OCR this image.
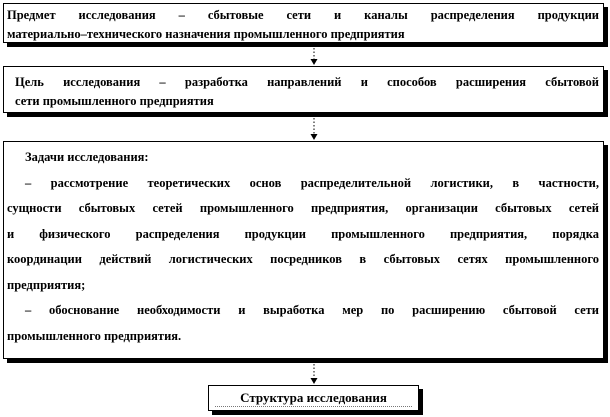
Предмет исследования – сбытовые сети и каналы распределения продукции
материально–технического назначения промышленного предприятия
Цель исследования – разработка направлений и способов расширения сбытовой
сети промышленного предприятия
Задачи исследования:
– рассмотрение теоретических основ распределительной логистики, в частности,
сущности сбытовых сетей промышленного предприятия, организации сбытовых сетей
и физического распределения продукции промышленного предприятия, порядка
координации действий логистических посредников в сбытовых сетях промышленного
предприятия;
– обоснование необходимости и выработка мер по расширению сбытовой сети
промышленного предприятия.
Структура исследования
